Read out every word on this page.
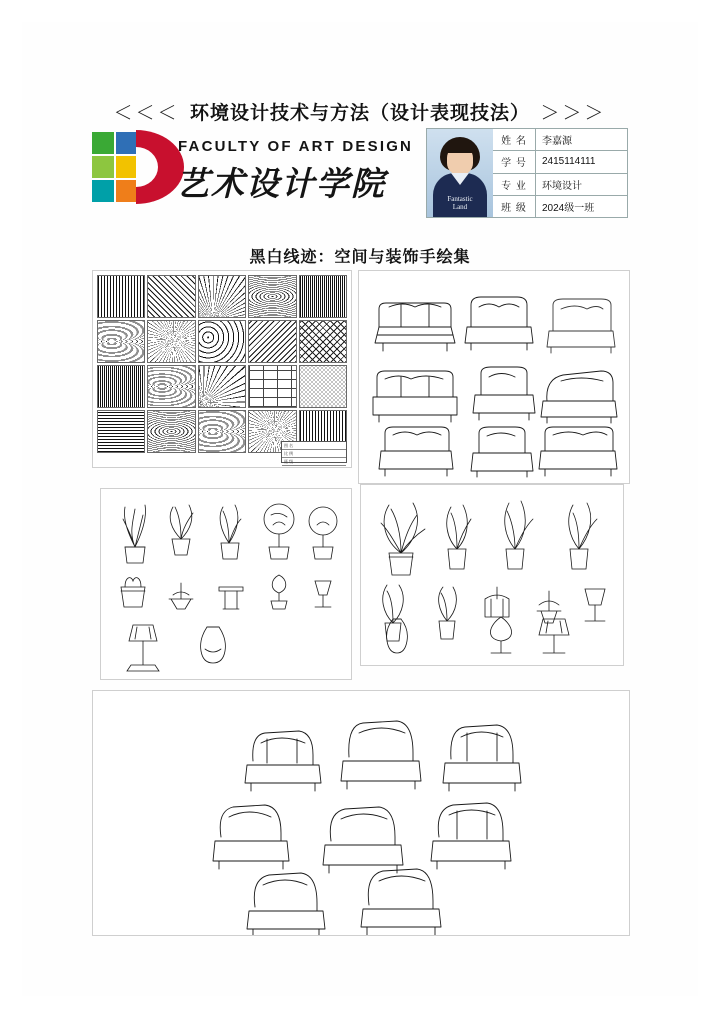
＜＜＜ 环境设计技术与方法（设计表现技法） ＞＞＞
FACULTY OF ART DESIGN
艺术设计学院	Fantastic
Land
姓 名	李嘉源
学 号	2415114111
专 业	环境设计
班 级	2024级一班
黑白线迹：空间与装饰手绘集
图 名
比 例
班 级
